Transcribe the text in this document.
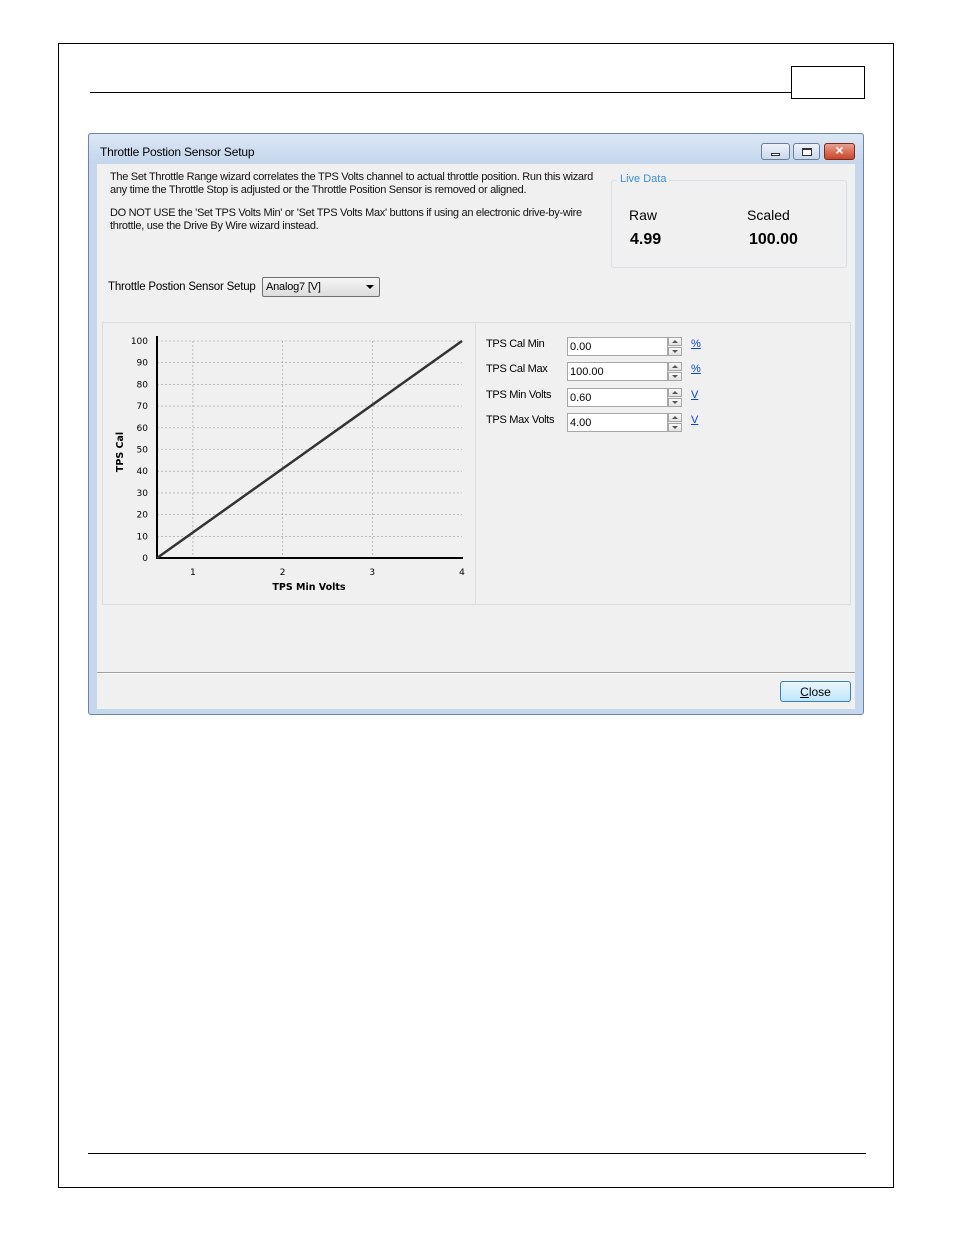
Throttle Postion Sensor Setup	×
The Set Throttle Range wizard correlates the TPS Volts channel to actual throttle position. Run this wizard any time the Throttle Stop is adjusted or the Throttle Position Sensor is removed or aligned.
DO NOT USE the 'Set TPS Volts Min' or 'Set TPS Volts Max' buttons if using an electronic drive-by-wire throttle, use the Drive By Wire wizard instead.
Live Data
Raw
4.99
Scaled
100.00
Throttle Postion Sensor Setup Analog7 [V]
0
10
20
30
40
50
60
70
80
90
100
1	2	3	4
TPS Min Volts
TPS Cal
TPS Cal Min
0.00	%
TPS Cal Max
100.00	%
TPS Min Volts
0.60	V
TPS Max Volts
4.00	V
Close
